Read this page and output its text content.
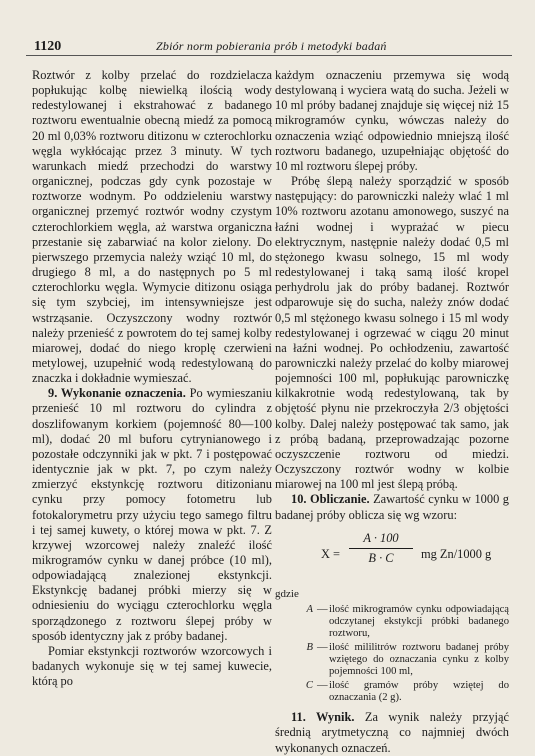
1120	Zbiór norm pobierania prób i metodyki badań

Roztwór z kolby przelać do rozdzielacza popłukując kolbę niewielką ilością wody redestylowanej i ekstrahować z badanego roztworu ewentualnie obecną miedź za pomocą 20 ml 0,03% roztworu ditizonu w czterochlorku węgla wykłócając przez 3 minuty. W tych warunkach miedź przechodzi do warstwy organicznej, podczas gdy cynk pozostaje w roztworze wodnym. Po oddzieleniu warstwy organicznej przemyć roztwór wodny czystym czterochlorkiem węgla, aż warstwa organiczna przestanie się zabarwiać na kolor zielony. Do pierwszego przemycia należy wziąć 10 ml, do drugiego 8 ml, a do następnych po 5 ml czterochlorku węgla. Wymycie ditizonu osiąga się tym szybciej, im intensywniejsze jest wstrząsanie. Oczyszczony wodny roztwór należy przenieść z powrotem do tej samej kolby miarowej, dodać do niego kroplę czerwieni metylowej, uzupełnić wodą redestylowaną do znaczka i dokładnie wymieszać.

9. Wykonanie oznaczenia. Po wymieszaniu przenieść 10 ml roztworu do cylindra z doszlifowanym korkiem (pojemność 80—100 ml), dodać 20 ml buforu cytrynianowego i pozostałe odczynniki jak w pkt. 7 i postępować identycznie jak w pkt. 7, po czym należy zmierzyć ekstynkcję roztworu ditizonianu cynku przy pomocy fotometru lub fotokalorymetru przy użyciu tego samego filtru i tej samej kuwety, o której mowa w pkt. 7. Z krzywej wzorcowej należy znaleźć ilość mikrogramów cynku w danej próbce (10 ml), odpowiadającą znalezionej ekstynkcji. Ekstynkcję badanej próbki mierzy się w odniesieniu do wyciągu czterochlorku węgla sporządzonego z roztworu ślepej próby w sposób identyczny jak z próby badanej.

Pomiar ekstynkcji roztworów wzorcowych i badanych wykonuje się w tej samej kuwecie, którą po

każdym oznaczeniu przemywa się wodą destylowaną i wyciera watą do sucha. Jeżeli w 10 ml próby badanej znajduje się więcej niż 15 mikrogramów cynku, wówczas należy do oznaczenia wziąć odpowiednio mniejszą ilość roztworu badanego, uzupełniając objętość do 10 ml roztworu ślepej próby.

Próbę ślepą należy sporządzić w sposób następujący: do parowniczki należy wlać 1 ml 10% roztworu azotanu amonowego, suszyć na łaźni wodnej i wyprażać w piecu elektrycznym, następnie należy dodać 0,5 ml stężonego kwasu solnego, 15 ml wody redestylowanej i taką samą ilość kropel perhydrolu jak do próby badanej. Roztwór odparowuje się do sucha, należy znów dodać 0,5 ml stężonego kwasu solnego i 15 ml wody redestylowanej i ogrzewać w ciągu 20 minut na łaźni wodnej. Po ochłodzeniu, zawartość parowniczki należy przelać do kolby miarowej pojemności 100 ml, popłukując parowniczkę kilkakrotnie wodą redestylowaną, tak by objętość płynu nie przekroczyła 2/3 objętości kolby. Dalej należy postępować tak samo, jak z próbą badaną, przeprowadzając pozorne oczyszczenie roztworu od miedzi. Oczyszczony roztwór wodny w kolbie miarowej na 100 ml jest ślepą próbą.

10. Obliczanie. Zawartość cynku w 1000 g badanej próby oblicza się wg wzoru:

X =
A · 100
B · C	mg Zn/1000 g

gdzie

A — ilość mikrogramów cynku odpowiadającą odczytanej ekstykcji próbki badanego roztworu,
B — ilość mililitrów roztworu badanej próby wziętego do oznaczania cynku z kolby pojemności 100 ml,
C — ilość gramów próby wziętej do oznaczania (2 g).

11. Wynik. Za wynik należy przyjąć średnią arytmetyczną co najmniej dwóch wykonanych oznaczeń.
